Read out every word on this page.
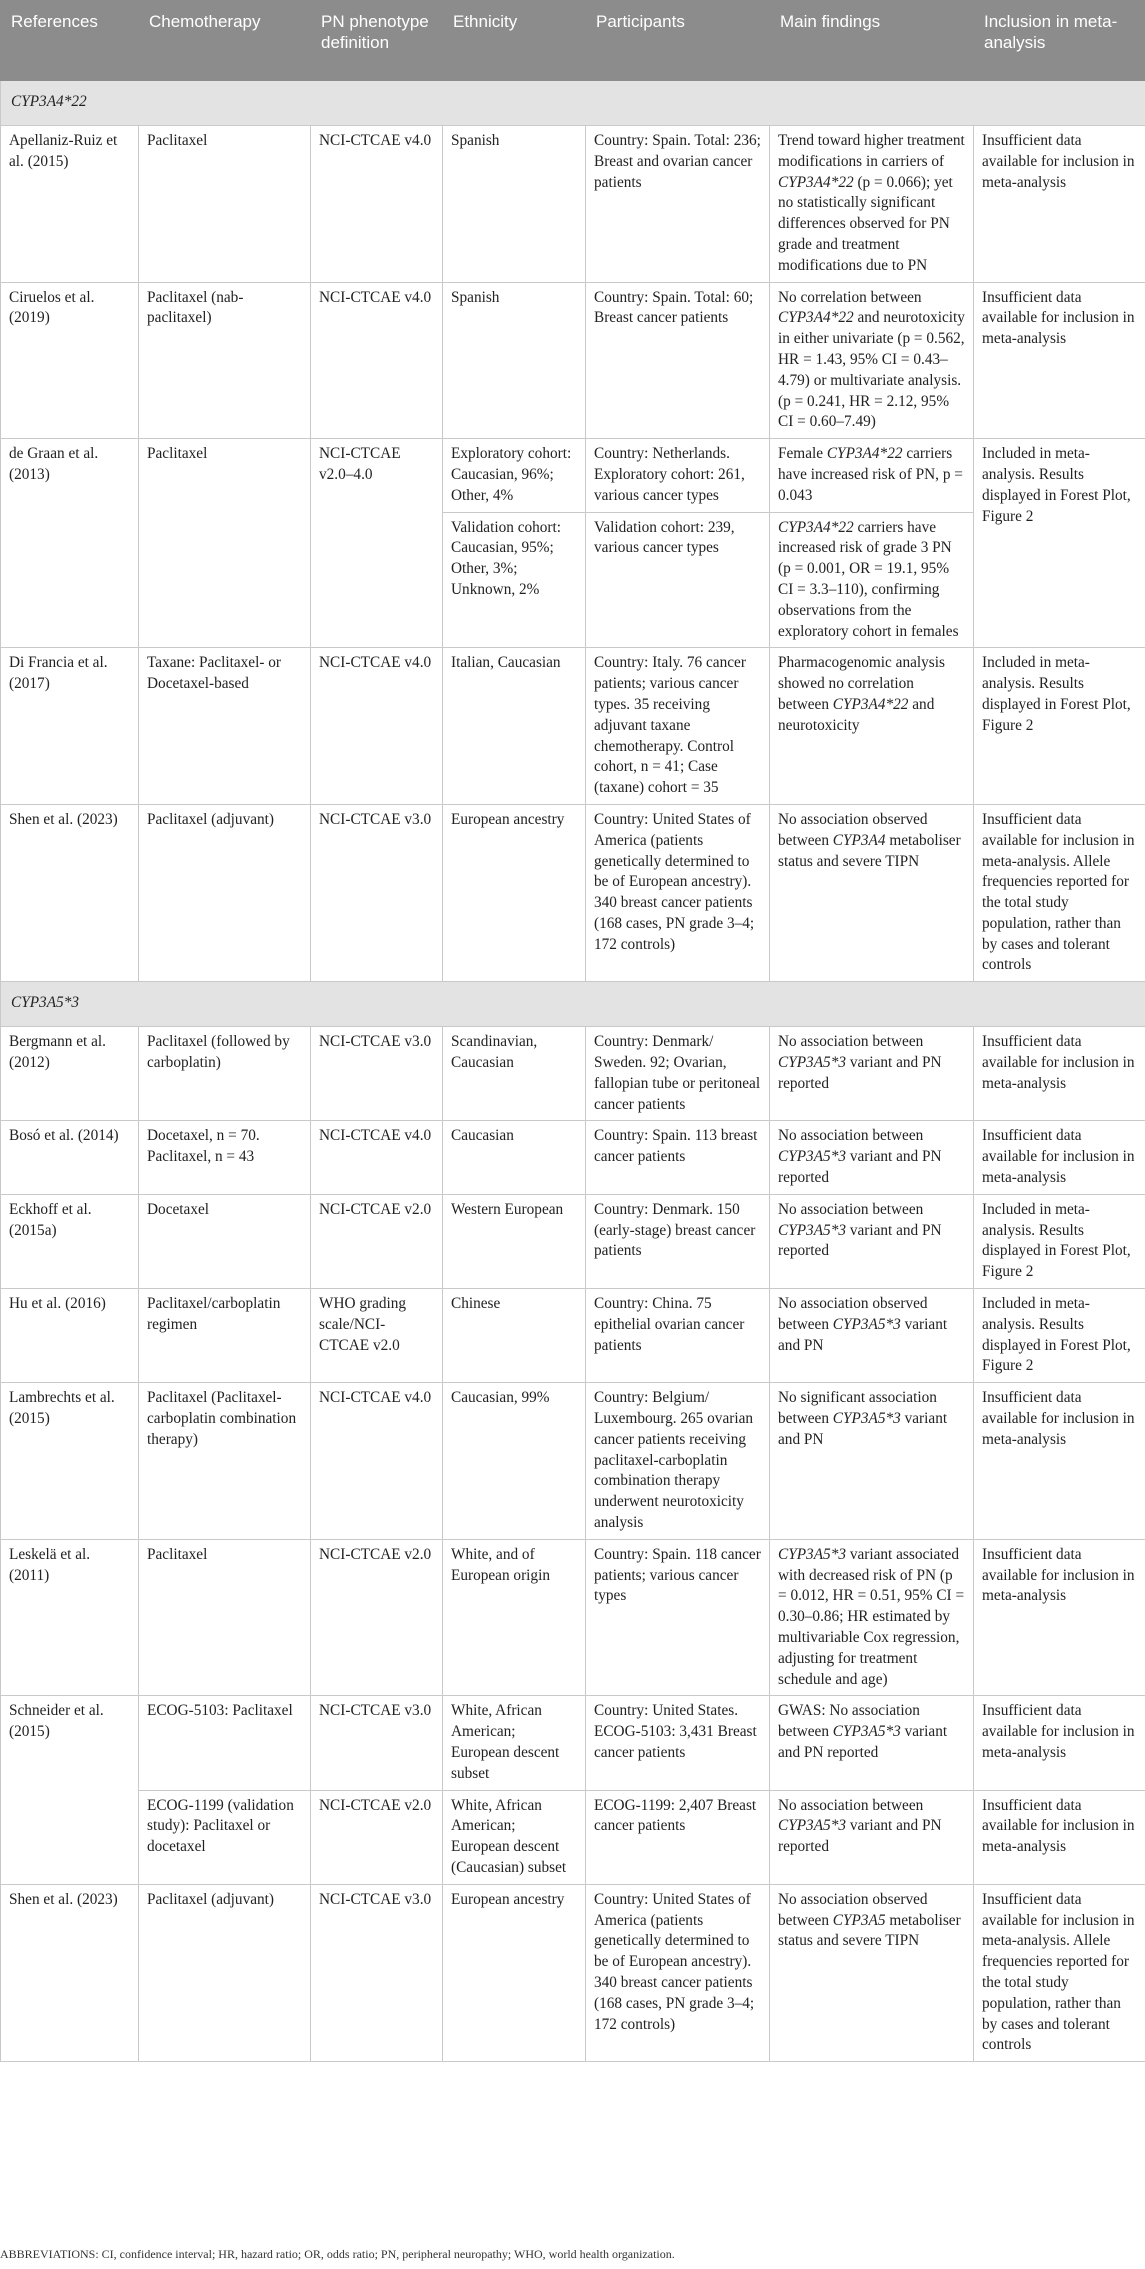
References	Chemotherapy	PN phenotype definition	Ethnicity	Participants	Main findings	Inclusion in meta-analysis
CYP3A4*22						
Apellaniz-Ruiz et al. (2015)	Paclitaxel	NCI-CTCAE v4.0	Spanish	Country: Spain. Total: 236; Breast and ovarian cancer patients	Trend toward higher treatment modifications in carriers of CYP3A4*22 (p = 0.066); yet no statistically significant differences observed for PN grade and treatment modifications due to PN	Insufficient data available for inclusion in meta-analysis
Ciruelos et al. (2019)	Paclitaxel (nab-paclitaxel)	NCI-CTCAE v4.0	Spanish	Country: Spain. Total: 60; Breast cancer patients	No correlation between CYP3A4*22 and neurotoxicity in either univariate (p = 0.562, HR = 1.43, 95% CI = 0.43–4.79) or multivariate analysis. (p = 0.241, HR = 2.12, 95% CI = 0.60–7.49)	Insufficient data available for inclusion in meta-analysis
de Graan et al. (2013)	Paclitaxel	NCI-CTCAE v2.0–4.0	Exploratory cohort: Caucasian, 96%; Other, 4%	Country: Netherlands. Exploratory cohort: 261, various cancer types	Female CYP3A4*22 carriers have increased risk of PN, p = 0.043	Included in meta-analysis. Results displayed in Forest Plot, Figure 2
			Validation cohort: Caucasian, 95%; Other, 3%; Unknown, 2%	Validation cohort: 239, various cancer types	CYP3A4*22 carriers have increased risk of grade 3 PN (p = 0.001, OR = 19.1, 95% CI = 3.3–110), confirming observations from the exploratory cohort in females	
Di Francia et al. (2017)	Taxane: Paclitaxel- or Docetaxel-based	NCI-CTCAE v4.0	Italian, Caucasian	Country: Italy. 76 cancer patients; various cancer types. 35 receiving adjuvant taxane chemotherapy. Control cohort, n = 41; Case (taxane) cohort = 35	Pharmacogenomic analysis showed no correlation between CYP3A4*22 and neurotoxicity	Included in meta-analysis. Results displayed in Forest Plot, Figure 2
Shen et al. (2023)	Paclitaxel (adjuvant)	NCI-CTCAE v3.0	European ancestry	Country: United States of America (patients genetically determined to be of European ancestry). 340 breast cancer patients (168 cases, PN grade 3–4; 172 controls)	No association observed between CYP3A4 metaboliser status and severe TIPN	Insufficient data available for inclusion in meta-analysis. Allele frequencies reported for the total study population, rather than by cases and tolerant controls
CYP3A5*3						
Bergmann et al. (2012)	Paclitaxel (followed by carboplatin)	NCI-CTCAE v3.0	Scandinavian, Caucasian	Country: Denmark/ Sweden. 92; Ovarian, fallopian tube or peritoneal cancer patients	No association between CYP3A5*3 variant and PN reported	Insufficient data available for inclusion in meta-analysis
Bosó et al. (2014)	Docetaxel, n = 70. Paclitaxel, n = 43	NCI-CTCAE v4.0	Caucasian	Country: Spain. 113 breast cancer patients	No association between CYP3A5*3 variant and PN reported	Insufficient data available for inclusion in meta-analysis
Eckhoff et al. (2015a)	Docetaxel	NCI-CTCAE v2.0	Western European	Country: Denmark. 150 (early-stage) breast cancer patients	No association between CYP3A5*3 variant and PN reported	Included in meta-analysis. Results displayed in Forest Plot, Figure 2
Hu et al. (2016)	Paclitaxel/carboplatin regimen	WHO grading scale/NCI-CTCAE v2.0	Chinese	Country: China. 75 epithelial ovarian cancer patients	No association observed between CYP3A5*3 variant and PN	Included in meta-analysis. Results displayed in Forest Plot, Figure 2
Lambrechts et al. (2015)	Paclitaxel (Paclitaxel-carboplatin combination therapy)	NCI-CTCAE v4.0	Caucasian, 99%	Country: Belgium/ Luxembourg. 265 ovarian cancer patients receiving paclitaxel-carboplatin combination therapy underwent neurotoxicity analysis	No significant association between CYP3A5*3 variant and PN	Insufficient data available for inclusion in meta-analysis
Leskelä et al. (2011)	Paclitaxel	NCI-CTCAE v2.0	White, and of European origin	Country: Spain. 118 cancer patients; various cancer types	CYP3A5*3 variant associated with decreased risk of PN (p = 0.012, HR = 0.51, 95% CI = 0.30–0.86; HR estimated by multivariable Cox regression, adjusting for treatment schedule and age)	Insufficient data available for inclusion in meta-analysis
Schneider et al. (2015)	ECOG-5103: Paclitaxel	NCI-CTCAE v3.0	White, African American; European descent subset	Country: United States. ECOG-5103: 3,431 Breast cancer patients	GWAS: No association between CYP3A5*3 variant and PN reported	Insufficient data available for inclusion in meta-analysis
	ECOG-1199 (validation study): Paclitaxel or docetaxel	NCI-CTCAE v2.0	White, African American; European descent (Caucasian) subset	ECOG-1199: 2,407 Breast cancer patients	No association between CYP3A5*3 variant and PN reported	Insufficient data available for inclusion in meta-analysis
Shen et al. (2023)	Paclitaxel (adjuvant)	NCI-CTCAE v3.0	European ancestry	Country: United States of America (patients genetically determined to be of European ancestry). 340 breast cancer patients (168 cases, PN grade 3–4; 172 controls)	No association observed between CYP3A5 metaboliser status and severe TIPN	Insufficient data available for inclusion in meta-analysis. Allele frequencies reported for the total study population, rather than by cases and tolerant controls
ABBREVIATIONS: CI, confidence interval; HR, hazard ratio; OR, odds ratio; PN, peripheral neuropathy; WHO, world health organization.
